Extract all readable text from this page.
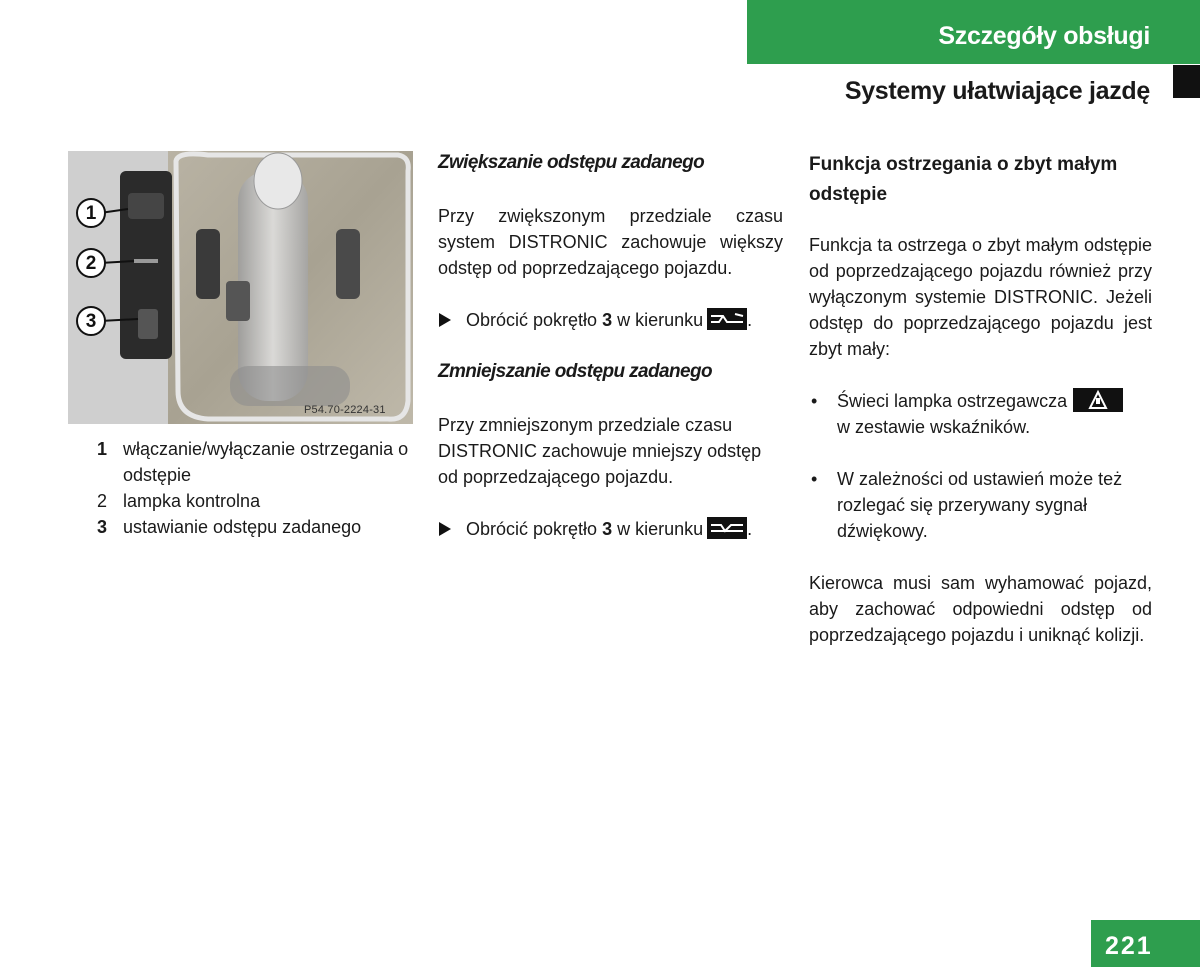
Szczegóły obsługi
Systemy ułatwiające jazdę
1
2
3
P54.70-2224-31
1 włączanie/wyłączanie ostrzegania o odstępie
2 lampka kontrolna
3 ustawianie odstępu zadanego
Zwiększanie odstępu zadanego

Przy zwiększonym przedziale czasu system DISTRONIC zachowuje większy odstęp od poprzedzającego pojazdu.

Obrócić pokrętło 3 w kierunku .
Zmniejszanie odstępu zadanego

Przy zmniejszonym przedziale czasu DISTRONIC zachowuje mniejszy odstęp od poprzedzającego pojazdu.

Obrócić pokrętło 3 w kierunku .
Funkcja ostrzegania o zbyt małym odstępie

Funkcja ta ostrzega o zbyt małym odstępie od poprzedzającego pojazdu również przy wyłączonym systemie DISTRONIC. Jeżeli odstęp do poprzedzającego pojazdu jest zbyt mały:

• Świeci lampka ostrzegawcza
w zestawie wskaźników.
• W zależności od ustawień może też rozlegać się przerywany sygnał dźwiękowy.

Kierowca musi sam wyhamować pojazd, aby zachować odpowiedni odstęp od poprzedzającego pojazdu i uniknąć kolizji.

221
